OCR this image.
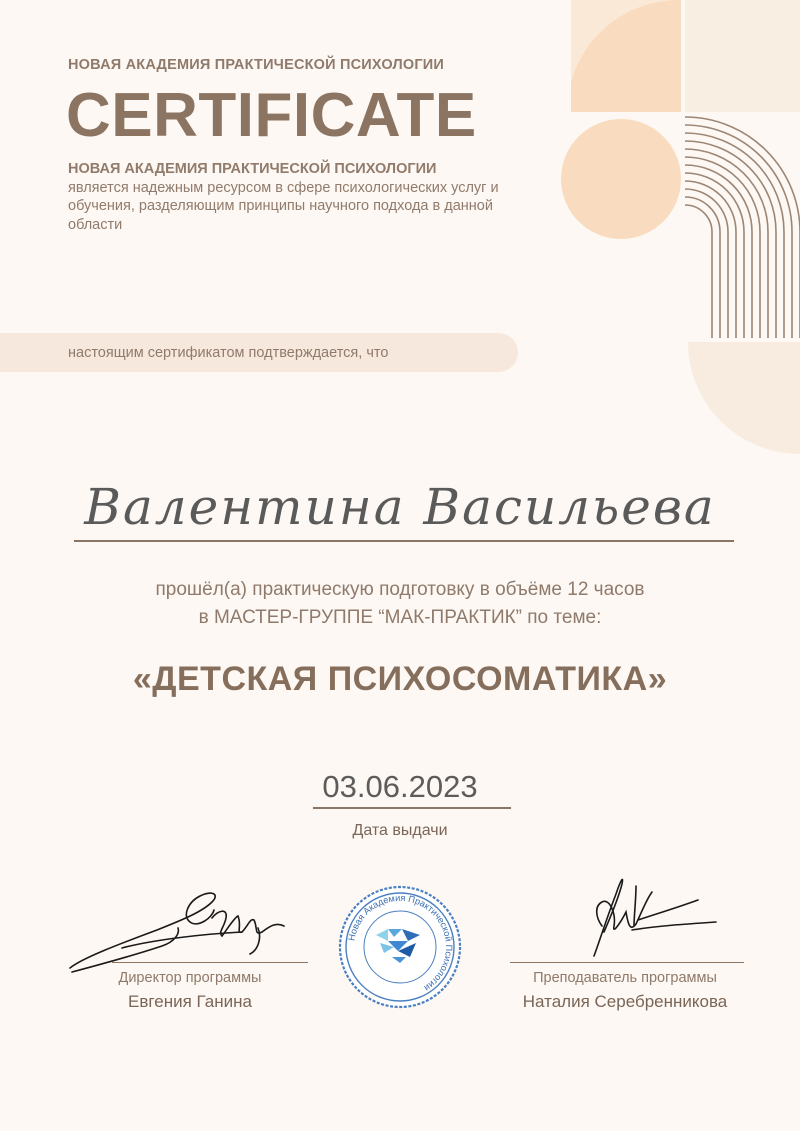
НОВАЯ АКАДЕМИЯ ПРАКТИЧЕСКОЙ ПСИХОЛОГИИ
CERTIFICATE
НОВАЯ АКАДЕМИЯ ПРАКТИЧЕСКОЙ ПСИХОЛОГИИ
является надежным ресурсом в сфере психологических услуг и обучения, разделяющим принципы научного подхода в данной области
настоящим сертификатом подтверждается, что
Валентина Васильева
прошёл(а) практическую подготовку в объёме 12 часов
в МАСТЕР-ГРУППЕ “МАК-ПРАКТИК” по теме:
«ДЕТСКАЯ ПСИХОСОМАТИКА»
03.06.2023
Дата выдачи
Директор программы
Евгения Ганина
Преподаватель программы
Наталия Серебренникова
Новая Академия Практической Психологии
